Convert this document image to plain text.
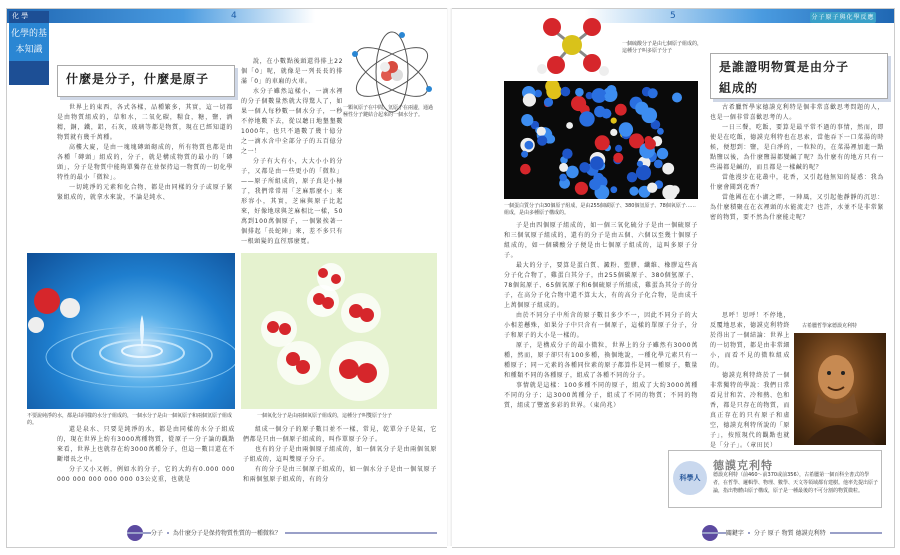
化 學
化學的基本知識
4
什麼是分子，什麼是原子
一顆氧原子在中間，氫原子在兩邊，通過極性分子鍵結合起來的一個水分子。

世界上的東西，各式各樣，品種繁多，其實，這一切都是由物質組成的，草和水，二氧化碳，糧食，糖，鹽，酒精，銅，鐵，鋁，石灰，玻璃等都是物質，現在已經知道的物質就有幾千萬種。

高樓大廈，是由一塊塊磚頭砌成的，所有物質也都是由各種「磚頭」組成的，分子，就是構成物質的最小的「磚頭」，分子是物質中能夠單獨存在並保持這一物質的一切化學特性的最小「微粒」。

一切純淨的元素和化合物，都是由同樣的分子或原子緊緊組成的，就拿水來說，不論是純水、

說，在小數點後頭還得排上22個「0」呢，就像是一列長長的排滿「0」的車廂的火車。

水分子雖然這樣小，一滴水裡的分子個數量然就大得驚人了，如果一個人每秒數一個水分子，一秒不停地數下去，從以聽日地墾墾數1000年，也只不過數了幾十億分之一滴水含中全部分子的五百億分之一！

分子有大有小，大大小小的分子，又都是由一些更小的「微粒」——原子所組成的，原子真是小極了，我們常常用「芝麻那麼小」來形容小，其實，芝麻與原子比起來，好像地球與芝麻相比一樣，50萬到100萬個原子，一個緊挨著一個排起「長蛇陣」來，差不多只有一根頭髮的直徑那麼寬。

不要說純淨的水，都是由同樣的水分子組成的，一個水分子是由一個氧原子和兩個氫原子組成的。
一個氧化分子是由兩個氧原子組成的，這種分子叫雙原子分子

還是泉水、只要是純淨的水，都是由同樣的水分子組成的，現在世界上約有3000萬種物質，從原子一分子論的觀點來看，世界上也就存在約3000萬種分子，但這一數目還在不斷增長之中。

分子又小又輕，例如水的分子，它的大約有0.000 000 000 000 000 000 000 03公克重，也就是

組成一個分子的原子數目並不一樣，常見，乾單分子是氦，它們都是只由一個原子組成的，叫作單原子分子。

也有的分子是由兩個原子組成的，如一個氧分子是由兩個氧原子組成的，這叫雙原子分子。

有的分子是由三個原子組成的，如一個水分子是由一個氧原子和兩個氫原子組成的，有的分

分子 為什麼分子是保持物質性質的一種微粒？
5	分子原子與化學反應
一個硫酸分子是由七個原子組成的，這種分子叫多原子分子
一個蛋白質分子由30個原子組成，是由255個碳原子、380個氫原子、78個氧原子……組成，是由多種原子構成的。

子是由四個原子組成的，如一個三氧化硫分子是由一個硫原子和三個氧原子組成的，還有的分子是由五個、六個以至幾十個原子組成的，如一個磷酸分子便是由七個原子組成的，這叫多原子分子。

最大的分子，要算是蛋白質、澱粉、塑膠、纖維、橡膠這些高分子化合物了，雞蛋白其分子，由255個碳原子、380個氫原子、78個氮原子、65個氧原子和6個硫原子所組成，雞蛋為其分子的分子，在高分子化合物中還不算太大，有的高分子化合物，是由成千上萬個原子組成的。

由於不同分子中所含的原子數目多少不一，因此不同分子的大小相差懸殊，如果分子中只含有一個原子，這樣的單原子分子，分子和原子的大小是一樣的。

原子，是構成分子的最小微粒，世界上的分子雖然有3000萬種，然而，原子卻只有100多種，換個地說，一種化學元素只有一種原子；同一元素的各種同位素的原子都算作是同一種原子，數量和種類不同的各種原子，組成了各種不同的分子。

事情就是這樣：100多種不同的原子，組成了大約3000萬種不同的分子；這3000萬種分子，組成了不同的物質；不同的物質，組成了豐富多彩的世界。（東尚兆）

是誰證明物質是由分子
組成的

古希臘哲學家德謨克利特是個非常喜歡思考問題的人，也是一個非常喜歡思考的人。

一日三餐，吃飯，要算是最平常不過的事情，然而，即使是在吃飯，德謨克利特也在思索，當他吞下一口菜湯的時候，便想到：鹽，是白淨的，一粒粒的，在菜湯裡加進一點點鹽以後，為什麼鹽湯都變鹹了呢？為什麼有的地方只有一些湯都是鹹的，而且都是一樣鹹的呢？

當他漫步在花叢中，花香，又引起他無知的疑惑：我為什麼會聞到花香？

當他國在在小湖之畔，一陣風，又引起他靜靜的沉思：為什麼積聚在在衣裡頭的水能流走？也許，水並不是非常緊密的物質，要不然為什麼能走呢？

古希臘哲學家德謨克利特

思呼！思呼！不停地，反覆地思索，德謨克利特終於得出了一個結論：世界上的一切物質，都是由非常細小，而看不見的微粒組成的。

德謨克利特終於了一個非常獨特的學說：我們日常看見甘和苦、冷和熱、色和香，都是只存在的物質，而真正存在的只有原子和虛空，德謨克利特所說的「原子」，按照現代的觀點也就是「分子」。（章田民）

科學人
德謨克利特
德謨克利特（前460～前370或前356），古希臘第一個百科全書式的學者，在哲學、邏輯學、物理、數學、天文等領域都有建樹。他率先提出原子論，指出物體由原子構成，原子是一種最後的不可分割的物質微粒。
關鍵字 分子 原子 物質 德謨克利特
